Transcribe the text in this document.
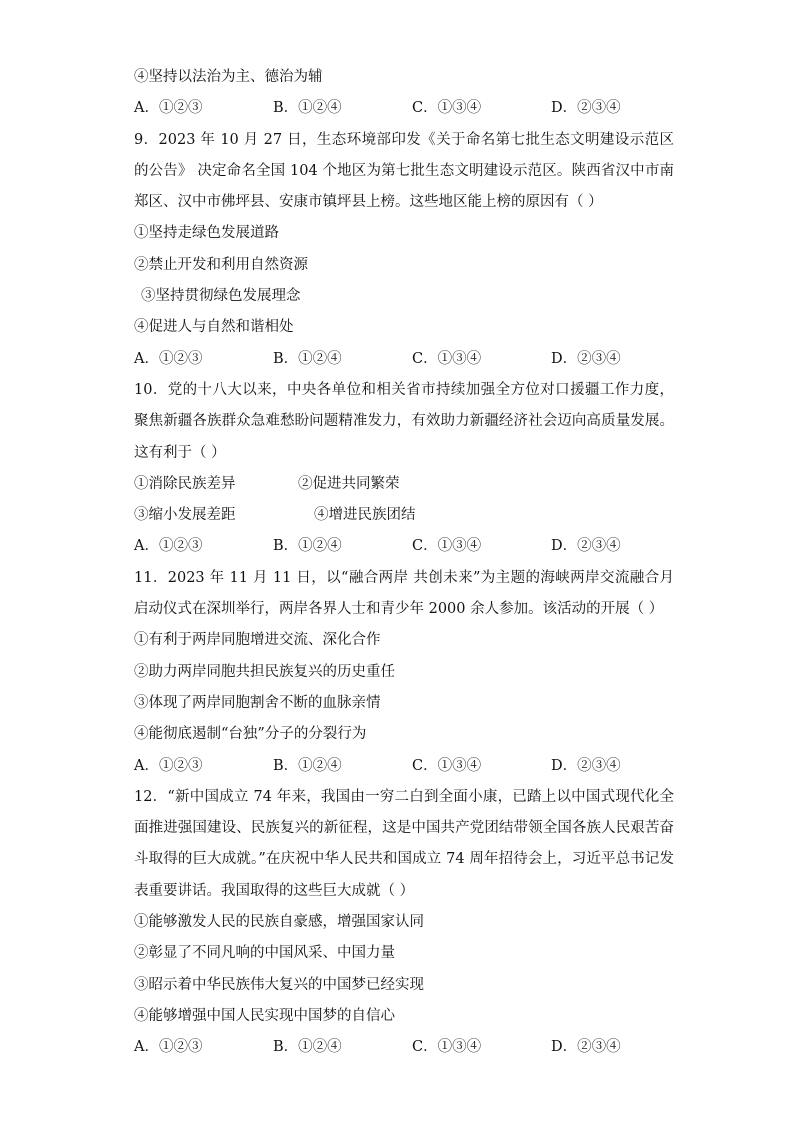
④坚持以法治为主、德治为辅
A．①②③	B．①②④	C．①③④	D．②③④
9．2023 年 10 月 27 日，生态环境部印发《关于命名第七批生态文明建设示范区的公告》 决定命名全国 104 个地区为第七批生态文明建设示范区。陕西省汉中市南郑区、汉中市佛坪县、安康市镇坪县上榜。这些地区能上榜的原因有（ ）
①坚持走绿色发展道路
②禁止开发和利用自然资源
③坚持贯彻绿色发展理念
④促进人与自然和谐相处
A．①②③	B．①②④	C．①③④	D．②③④
10．党的十八大以来，中央各单位和相关省市持续加强全方位对口援疆工作力度，聚焦新疆各族群众急难愁盼问题精准发力，有效助力新疆经济社会迈向高质量发展。这有利于（ ）
①消除民族差异	②促进共同繁荣
③缩小发展差距	④增进民族团结
A．①②③	B．①②④	C．①③④	D．②③④
11．2023 年 11 月 11 日，以“融合两岸 共创未来”为主题的海峡两岸交流融合月启动仪式在深圳举行，两岸各界人士和青少年 2000 余人参加。该活动的开展（ ）
①有利于两岸同胞增进交流、深化合作
②助力两岸同胞共担民族复兴的历史重任
③体现了两岸同胞割舍不断的血脉亲情
④能彻底遏制“台独”分子的分裂行为
A．①②③	B．①②④	C．①③④	D．②③④
12．“新中国成立 74 年来，我国由一穷二白到全面小康，已踏上以中国式现代化全面推进强国建设、民族复兴的新征程，这是中国共产党团结带领全国各族人民艰苦奋斗取得的巨大成就。”在庆祝中华人民共和国成立 74 周年招待会上，习近平总书记发表重要讲话。我国取得的这些巨大成就（ ）
①能够激发人民的民族自豪感，增强国家认同
②彰显了不同凡响的中国风采、中国力量
③昭示着中华民族伟大复兴的中国梦已经实现
④能够增强中国人民实现中国梦的自信心
A．①②③	B．①②④	C．①③④	D．②③④
